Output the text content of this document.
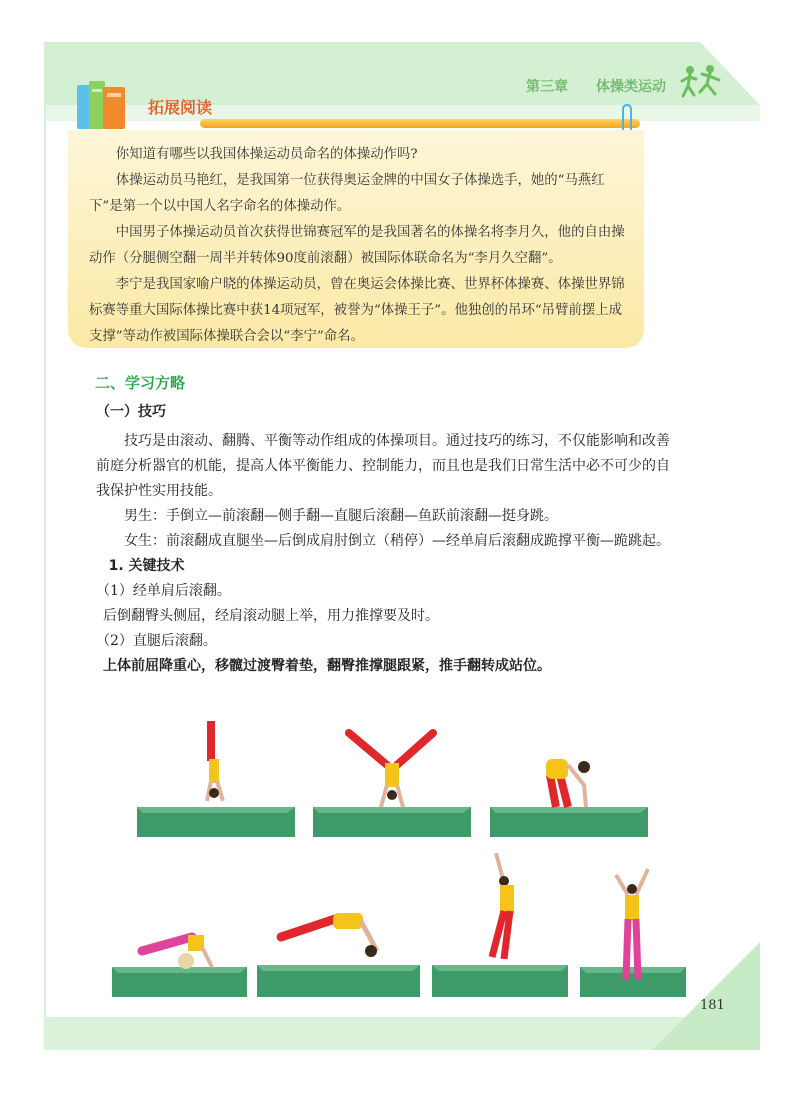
第三章 体操类运动
181
拓展阅读

你知道有哪些以我国体操运动员命名的体操动作吗?

体操运动员马艳红，是我国第一位获得奥运金牌的中国女子体操选手，她的“马燕红下”是第一个以中国人名字命名的体操动作。

中国男子体操运动员首次获得世锦赛冠军的是我国著名的体操名将李月久，他的自由操动作（分腿侧空翻一周半并转体90度前滚翻）被国际体联命名为“李月久空翻”。

李宁是我国家喻户晓的体操运动员，曾在奥运会体操比赛、世界杯体操赛、体操世界锦标赛等重大国际体操比赛中获14项冠军，被誉为“体操王子”。他独创的吊环“吊臂前摆上成支撑”等动作被国际体操联合会以“李宁”命名。

二、学习方略
（一）技巧

技巧是由滚动、翻腾、平衡等动作组成的体操项目。通过技巧的练习，不仅能影响和改善前庭分析器官的机能，提高人体平衡能力、控制能力，而且也是我们日常生活中必不可少的自我保护性实用技能。

男生：手倒立—前滚翻—侧手翻—直腿后滚翻—鱼跃前滚翻—挺身跳。

女生：前滚翻成直腿坐—后倒成肩肘倒立（稍停）—经单肩后滚翻成跪撑平衡—跪跳起。

1. 关键技术

（1）经单肩后滚翻。

后倒翻臀头侧屈，经肩滚动腿上举，用力推撑要及时。

（2）直腿后滚翻。

上体前屈降重心，移髋过渡臀着垫，翻臀推撑腿跟紧，推手翻转成站位。
